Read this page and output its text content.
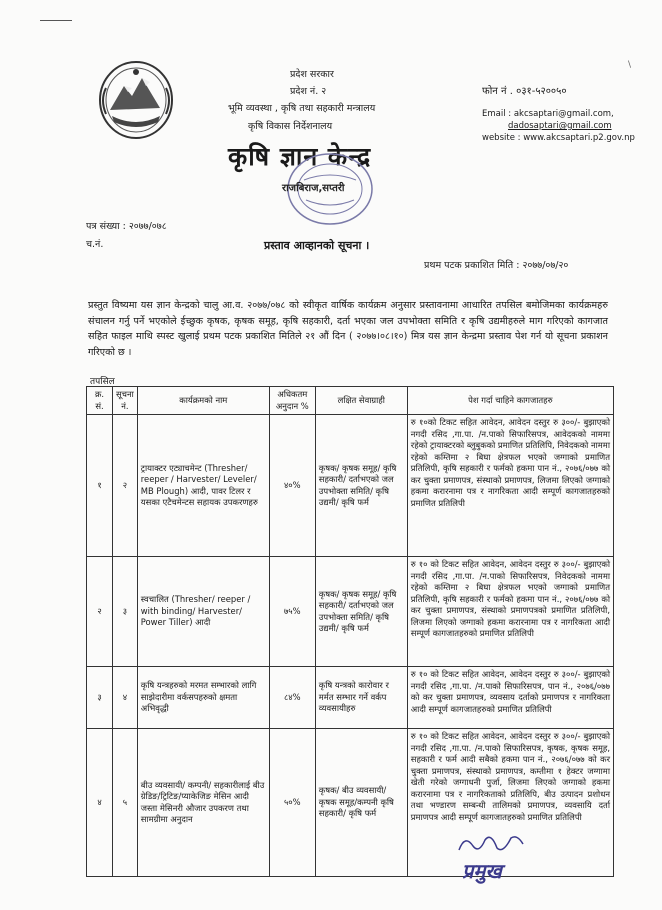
प्रदेश सरकार
प्रदेश नं. २
भूमि व्यवस्था , कृषि तथा सहकारी मन्त्रालय
कृषि विकास निर्देशनालय
कृषि ज्ञान केन्द्र
राजबिराज,सप्तरी
फोन नं . ०३१-५२००५०
Email : akcsaptari@gmail.com,
dadosaptari@gmail.com
website : www.akcsaptari.p2.gov.np
\
पत्र संख्या : २०७७/०७८
च.नं.	प्रस्ताव आव्हानको सूचना ।
प्रथम पटक प्रकाशित मिति : २०७७/०७/२०
प्रस्तुत विष्यमा यस ज्ञान केन्द्रको चालु आ.व. २०७७/०७८ को स्वीकृत वार्षिक कार्यक्रम अनुसार प्रस्तावनामा आधारित तपसिल बमोजिमका कार्यक्रमहरु संचालन गर्नु पर्ने भएकोले ईच्छुक कृषक, कृषक समूह, कृषि सहकारी, दर्ता भएका जल उपभोक्ता समिति र कृषि उद्यमीहरुले माग गरिएको कागजात सहित फाइल माथि स्पस्ट खुलाई प्रथम पटक प्रकाशित मितिले २१ औं दिन ( २०७७।०८।१०) मित्र यस ज्ञान केन्द्रमा प्रस्ताव पेश गर्न यो सूचना प्रकाशन गरिएको छ ।
तपसिल
क्र. सं.	सूचना नं.	कार्यक्रमको नाम	अधिकतम अनुदान %	लक्षित सेवाग्राही	पेश गर्दा चाहिने कागजातहरु
१	२	ट्रायाक्टर एट्याचमेन्ट (Thresher/ reeper / Harvester/ Leveler/ MB Plough) आदी, पावर टिलर र यसका एटैचमेन्टस सहायक उपकरणहरु	४०%	कृषक/ कृषक समूह/ कृषि सहकारी/ दर्ताभएको जल उपभोक्ता समिति/ कृषि उद्यमी/ कृषि फर्म	रु १०को टिकट सहित आवेदन, आवेदन दस्तुर रु ३००/- बुझाएको नगदी रसिद ,गा.पा. /न.पाको सिफारिसपत्र, आवेदकको नाममा रहेको ट्रायाक्टरको ब्लुबुकको प्रमाणित प्रतिलिपि, निवेदकको नाममा रहेको कम्तिमा २ बिघा क्षेत्रफल भएको जग्गाको प्रमाणित प्रतिलिपी, कृषि सहकारी र फर्मको हकमा पान नं., २०७६/०७७ को कर चुक्ता प्रमाणपत्र, संस्थाको प्रमाणपत्र, लिजमा लिएको जग्गाको हकमा करारनामा पत्र र नागरिकता आदी सम्पूर्ण कागजातहरुको प्रमाणित प्रतिलिपी
२	३	स्वचालित (Thresher/ reeper / with binding/ Harvester/ Power Tiller) आदी	७५%	कृषक/ कृषक समूह/ कृषि सहकारी/ दर्ताभएको जल उपभोक्ता समिति/ कृषि उद्यमी/ कृषि फर्म	रु १० को टिकट सहित आवेदन, आवेदन दस्तुर रु ३००/- बुझाएको नगदी रसिद ,गा.पा. /न.पाको सिफारिसपत्र, निवेदकको नाममा रहेको कम्तिमा २ बिघा क्षेत्रफल भएको जग्गाको प्रमाणित प्रतिलिपी, कृषि सहकारी र फर्मको हकमा पान नं., २०७६/०७७ को कर चुक्ता प्रमाणपत्र, संस्थाको प्रमाणपत्रको प्रमाणित प्रतिलिपी, लिजमा लिएको जग्गाको हकमा करारनामा पत्र र नागरिकता आदी सम्पूर्ण कागजातहरुको प्रमाणित प्रतिलिपी
३	४	कृषि यन्त्रहरुको मरमत सम्भारको लागि साझेदारीमा वर्कसपहरुको क्षमता अभिवृद्धी	८४%	कृषि यन्त्रको कारोवार र मर्मत सम्भार गर्ने वर्कप व्यवसायीहरु	रु १० को टिकट सहित आवेदन, आवेदन दस्तुर रु ३००/- बुझाएको नगदी रसिद ,गा.पा. /न.पाको सिफारिसपत्र, पान नं., २०७६/०७७ को कर चुक्ता प्रमाणपत्र, व्यवसाय दर्ताको प्रमाणपत्र र नागरिकता आदी सम्पूर्ण कागजातहरुको प्रमाणित प्रतिलिपी
४	५	बीउ व्यवसायी/ कम्पनी/ सहकारीलाई बीउ ग्रेडिङ/ट्रिटिङ/प्याकेजिङ मेसिन आदी जस्ता मेसिनरी औजार उपकरण तथा सामग्रीमा अनुदान	५०%	कृषक/ बीउ व्यवसायी/ कृषक समूह/कम्पनी कृषि सहकारी/ कृषि फर्म	रु १० को टिकट सहित आवेदन, आवेदन दस्तुर रु ३००/- बुझाएको नगदी रसिद ,गा.पा. /न.पाको सिफारिसपत्र, कृषक, कृषक समूह, सहकारी र फर्म आदी सबैको हकमा पान नं., २०७६/०७७ को कर चुक्ता प्रमाणपत्र, संस्थाको प्रमाणपत्र, कम्तीमा १ हेक्टर जग्गामा खेती गरेको जग्गाधनी पुर्जा, लिजमा लिएको जग्गाको हकमा करारनामा पत्र र नागरिकताको प्रतिलिपि, बीउ उत्पादन प्रशोधन तथा भण्डारण सम्बन्धी तालिमको प्रमाणपत्र, व्यवसायि दर्ता प्रमाणपत्र आदी सम्पूर्ण कागजातहरुको प्रमाणित प्रतिलिपी
प्रमुख
